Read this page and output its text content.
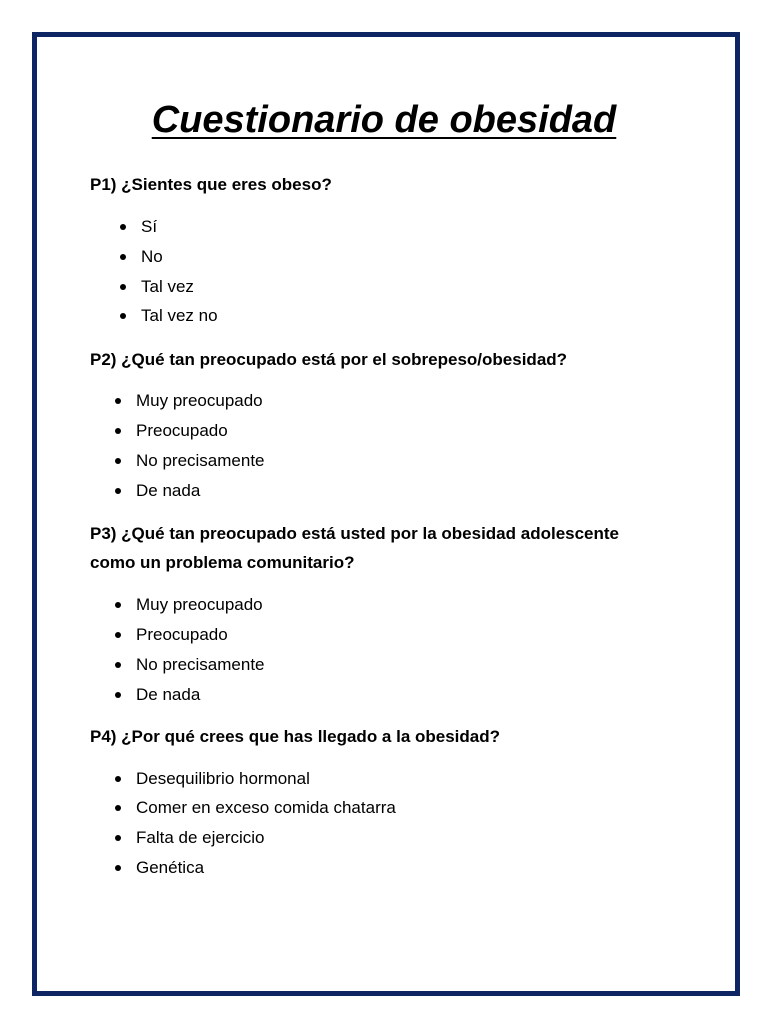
Cuestionario de obesidad
P1) ¿Sientes que eres obeso?
Sí
No
Tal vez
Tal vez no
P2) ¿Qué tan preocupado está por el sobrepeso/obesidad?
Muy preocupado
Preocupado
No precisamente
De nada
P3) ¿Qué tan preocupado está usted por la obesidad adolescente
como un problema comunitario?
Muy preocupado
Preocupado
No precisamente
De nada
P4) ¿Por qué crees que has llegado a la obesidad?
Desequilibrio hormonal
Comer en exceso comida chatarra
Falta de ejercicio
Genética
